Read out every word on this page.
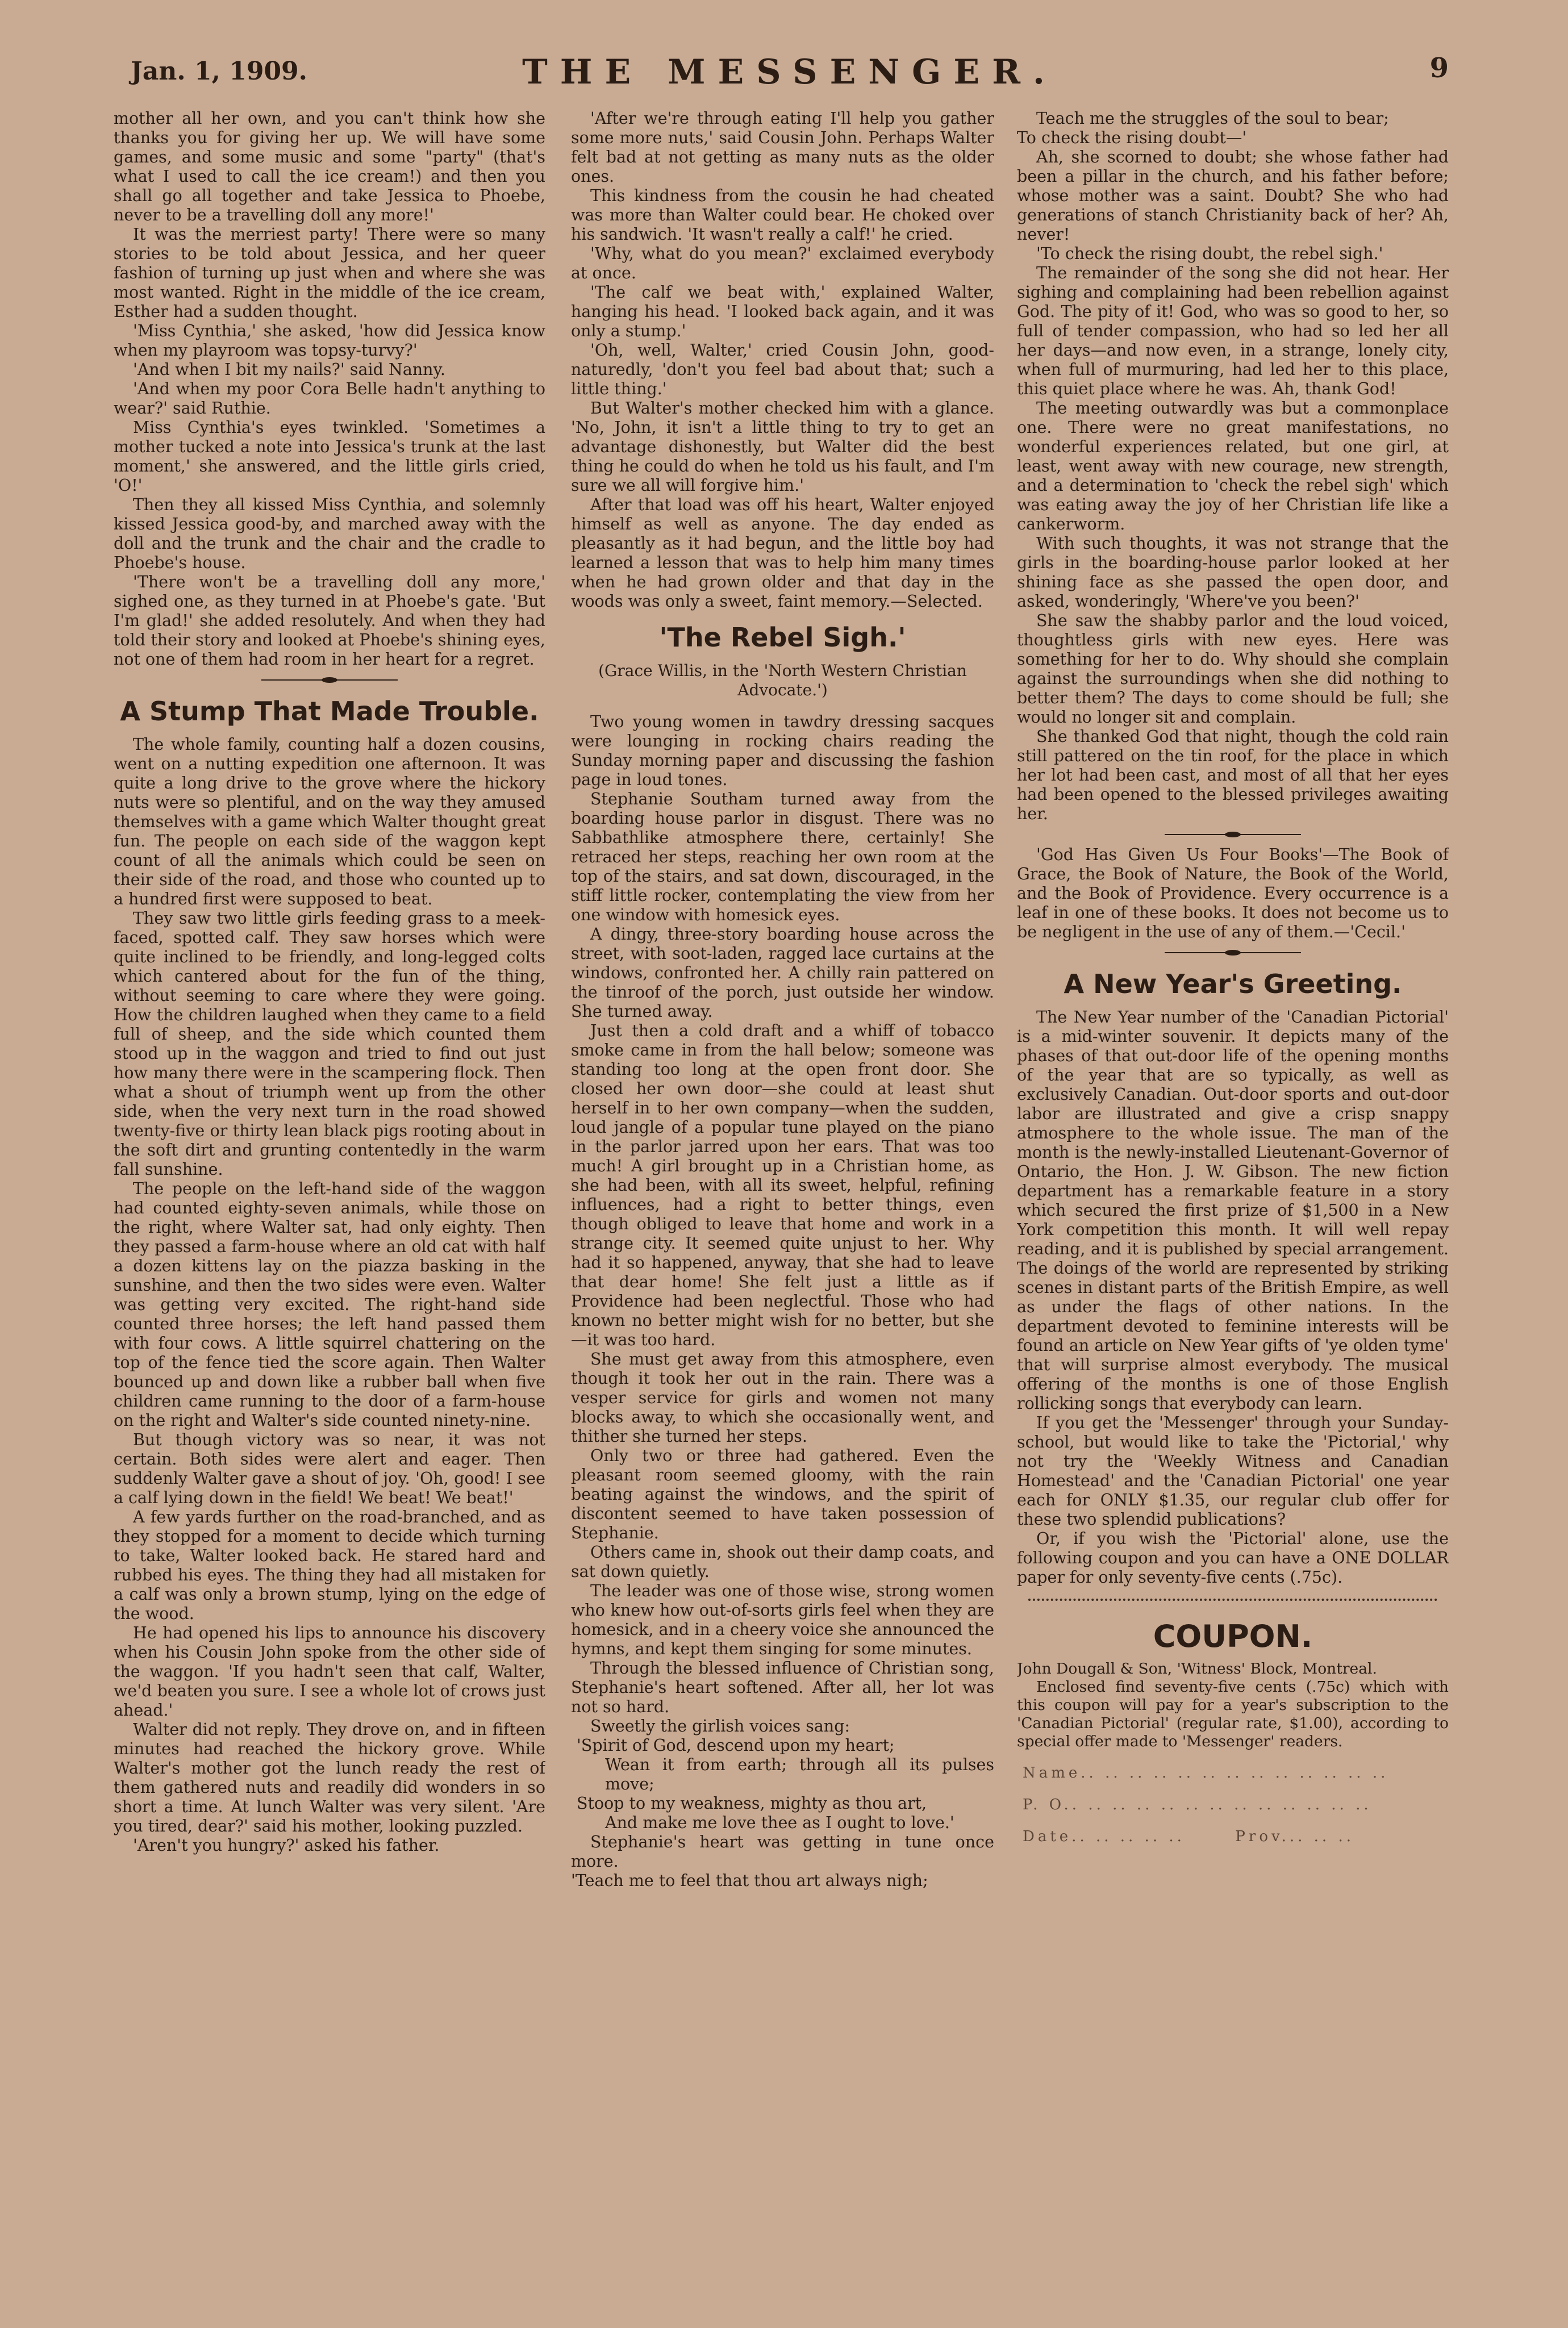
Jan. 1, 1909.	THE MESSENGER.	9

mother all her own, and you can't think how she thanks you for giving her up. We will have some games, and some music and some "party" (that's what I used to call the ice cream!) and then you shall go all together and take Jessica to Phoebe, never to be a travelling doll any more!'

It was the merriest party! There were so many stories to be told about Jessica, and her queer fashion of turning up just when and where she was most wanted. Right in the middle of the ice cream, Esther had a sudden thought.

'Miss Cynthia,' she asked, 'how did Jessica know when my playroom was topsy-turvy?'

'And when I bit my nails?' said Nanny.

'And when my poor Cora Belle hadn't anything to wear?' said Ruthie.

Miss Cynthia's eyes twinkled. 'Sometimes a mother tucked a note into Jessica's trunk at the last moment,' she answered, and the little girls cried, 'O!'

Then they all kissed Miss Cynthia, and solemnly kissed Jessica good-by, and marched away with the doll and the trunk and the chair and the cradle to Phoebe's house.

'There won't be a travelling doll any more,' sighed one, as they turned in at Phoebe's gate. 'But I'm glad!' she added resolutely. And when they had told their story and looked at Phoebe's shining eyes, not one of them had room in her heart for a regret.

A Stump That Made Trouble.

The whole family, counting half a dozen cousins, went on a nutting expedition one afternoon. It was quite a long drive to the grove where the hickory nuts were so plentiful, and on the way they amused themselves with a game which Walter thought great fun. The people on each side of the waggon kept count of all the animals which could be seen on their side of the road, and those who counted up to a hundred first were supposed to beat.

They saw two little girls feeding grass to a meek-faced, spotted calf. They saw horses which were quite inclined to be friendly, and long-legged colts which cantered about for the fun of the thing, without seeming to care where they were going. How the children laughed when they came to a field full of sheep, and the side which counted them stood up in the waggon and tried to find out just how many there were in the scampering flock. Then what a shout of triumph went up from the other side, when the very next turn in the road showed twenty-five or thirty lean black pigs rooting about in the soft dirt and grunting contentedly in the warm fall sunshine.

The people on the left-hand side of the waggon had counted eighty-seven animals, while those on the right, where Walter sat, had only eighty. Then they passed a farm-house where an old cat with half a dozen kittens lay on the piazza basking in the sunshine, and then the two sides were even. Walter was getting very excited. The right-hand side counted three horses; the left hand passed them with four cows. A little squirrel chattering on the top of the fence tied the score again. Then Walter bounced up and down like a rubber ball when five children came running to the door of a farm-house on the right and Walter's side counted ninety-nine.

But though victory was so near, it was not certain. Both sides were alert and eager. Then suddenly Walter gave a shout of joy. 'Oh, good! I see a calf lying down in the field! We beat! We beat!'

A few yards further on the road-branched, and as they stopped for a moment to decide which turning to take, Walter looked back. He stared hard and rubbed his eyes. The thing they had all mistaken for a calf was only a brown stump, lying on the edge of the wood.

He had opened his lips to announce his discovery when his Cousin John spoke from the other side of the waggon. 'If you hadn't seen that calf, Walter, we'd beaten you sure. I see a whole lot of crows just ahead.'

Walter did not reply. They drove on, and in fifteen minutes had reached the hickory grove. While Walter's mother got the lunch ready the rest of them gathered nuts and readily did wonders in so short a time. At lunch Walter was very silent. 'Are you tired, dear?' said his mother, looking puzzled.

'Aren't you hungry?' asked his father.

'After we're through eating I'll help you gather some more nuts,' said Cousin John. Perhaps Walter felt bad at not getting as many nuts as the older ones.

This kindness from the cousin he had cheated was more than Walter could bear. He choked over his sandwich. 'It wasn't really a calf!' he cried.

'Why, what do you mean?' exclaimed everybody at once.

'The calf we beat with,' explained Walter, hanging his head. 'I looked back again, and it was only a stump.'

'Oh, well, Walter,' cried Cousin John, good-naturedly, 'don't you feel bad about that; such a little thing.'

But Walter's mother checked him with a glance. 'No, John, it isn't a little thing to try to get an advantage dishonestly, but Walter did the best thing he could do when he told us his fault, and I'm sure we all will forgive him.'

After that load was off his heart, Walter enjoyed himself as well as anyone. The day ended as pleasantly as it had begun, and the little boy had learned a lesson that was to help him many times when he had grown older and that day in the woods was only a sweet, faint memory.—Selected.

'The Rebel Sigh.'
(Grace Willis, in the 'North Western Christian Advocate.')

Two young women in tawdry dressing sacques were lounging in rocking chairs reading the Sunday morning paper and discussing the fashion page in loud tones.

Stephanie Southam turned away from the boarding house parlor in disgust. There was no Sabbathlike atmosphere there, certainly! She retraced her steps, reaching her own room at the top of the stairs, and sat down, discouraged, in the stiff little rocker, contemplating the view from her one window with homesick eyes.

A dingy, three-story boarding house across the street, with soot-laden, ragged lace curtains at the windows, confronted her. A chilly rain pattered on the tinroof of the porch, just outside her window. She turned away.

Just then a cold draft and a whiff of tobacco smoke came in from the hall below; someone was standing too long at the open front door. She closed her own door—she could at least shut herself in to her own company—when the sudden, loud jangle of a popular tune played on the piano in the parlor jarred upon her ears. That was too much! A girl brought up in a Christian home, as she had been, with all its sweet, helpful, refining influences, had a right to better things, even though obliged to leave that home and work in a strange city. It seemed quite unjust to her. Why had it so happened, anyway, that she had to leave that dear home! She felt just a little as if Providence had been neglectful. Those who had known no better might wish for no better, but she—it was too hard.

She must get away from this atmosphere, even though it took her out in the rain. There was a vesper service for girls and women not many blocks away, to which she occasionally went, and thither she turned her steps.

Only two or three had gathered. Even the pleasant room seemed gloomy, with the rain beating against the windows, and the spirit of discontent seemed to have taken possession of Stephanie.

Others came in, shook out their damp coats, and sat down quietly.

The leader was one of those wise, strong women who knew how out-of-sorts girls feel when they are homesick, and in a cheery voice she announced the hymns, and kept them singing for some minutes.

Through the blessed influence of Christian song, Stephanie's heart softened. After all, her lot was not so hard.

Sweetly the girlish voices sang:

'Spirit of God, descend upon my heart;

Wean it from earth; through all its pulses move;

Stoop to my weakness, mighty as thou art,

And make me love thee as I ought to love.'

Stephanie's heart was getting in tune once more.

'Teach me to feel that thou art always nigh;

Teach me the struggles of the soul to bear;

To check the rising doubt—'

Ah, she scorned to doubt; she whose father had been a pillar in the church, and his father before; whose mother was a saint. Doubt? She who had generations of stanch Christianity back of her? Ah, never!

'To check the rising doubt, the rebel sigh.'

The remainder of the song she did not hear. Her sighing and complaining had been rebellion against God. The pity of it! God, who was so good to her, so full of tender compassion, who had so led her all her days—and now even, in a strange, lonely city, when full of murmuring, had led her to this place, this quiet place where he was. Ah, thank God!

The meeting outwardly was but a commonplace one. There were no great manifestations, no wonderful experiences related, but one girl, at least, went away with new courage, new strength, and a determination to 'check the rebel sigh' which was eating away the joy of her Christian life like a cankerworm.

With such thoughts, it was not strange that the girls in the boarding-house parlor looked at her shining face as she passed the open door, and asked, wonderingly, 'Where've you been?'

She saw the shabby parlor and the loud voiced, thoughtless girls with new eyes. Here was something for her to do. Why should she complain against the surroundings when she did nothing to better them? The days to come should be full; she would no longer sit and complain.

She thanked God that night, though the cold rain still pattered on the tin roof, for the place in which her lot had been cast, and most of all that her eyes had been opened to the blessed privileges awaiting her.

'God Has Given Us Four Books'—The Book of Grace, the Book of Nature, the Book of the World, and the Book of Providence. Every occurrence is a leaf in one of these books. It does not become us to be negligent in the use of any of them.—'Cecil.'

A New Year's Greeting.

The New Year number of the 'Canadian Pictorial' is a mid-winter souvenir. It depicts many of the phases of that out-door life of the opening months of the year that are so typically, as well as exclusively Canadian. Out-door sports and out-door labor are illustrated and give a crisp snappy atmosphere to the whole issue. The man of the month is the newly-installed Lieutenant-Governor of Ontario, the Hon. J. W. Gibson. The new fiction department has a remarkable feature in a story which secured the first prize of $1,500 in a New York competition this month. It will well repay reading, and it is published by special arrangement. The doings of the world are represented by striking scenes in distant parts of the British Empire, as well as under the flags of other nations. In the department devoted to feminine interests will be found an article on New Year gifts of 'ye olden tyme' that will surprise almost everybody. The musical offering of the months is one of those English rollicking songs that everybody can learn.

If you get the 'Messenger' through your Sunday-school, but would like to take the 'Pictorial,' why not try the 'Weekly Witness and Canadian Homestead' and the 'Canadian Pictorial' one year each for ONLY $1.35, our regular club offer for these two splendid publications?

Or, if you wish the 'Pictorial' alone, use the following coupon and you can have a ONE DOLLAR paper for only seventy-five cents (.75c).

COUPON.

John Dougall & Son, 'Witness' Block, Montreal.

Enclosed find seventy-five cents (.75c) which with this coupon will pay for a year's subscription to the 'Canadian Pictorial' (regular rate, $1.00), according to special offer made to 'Messenger' readers.

Name.. .. .. .. .. .. .. .. .. .. .. .. ..
P. O.. .. .. .. .. .. .. .. .. .. .. .. ..
Date.. .. .. .. ..	Prov... .. ..
